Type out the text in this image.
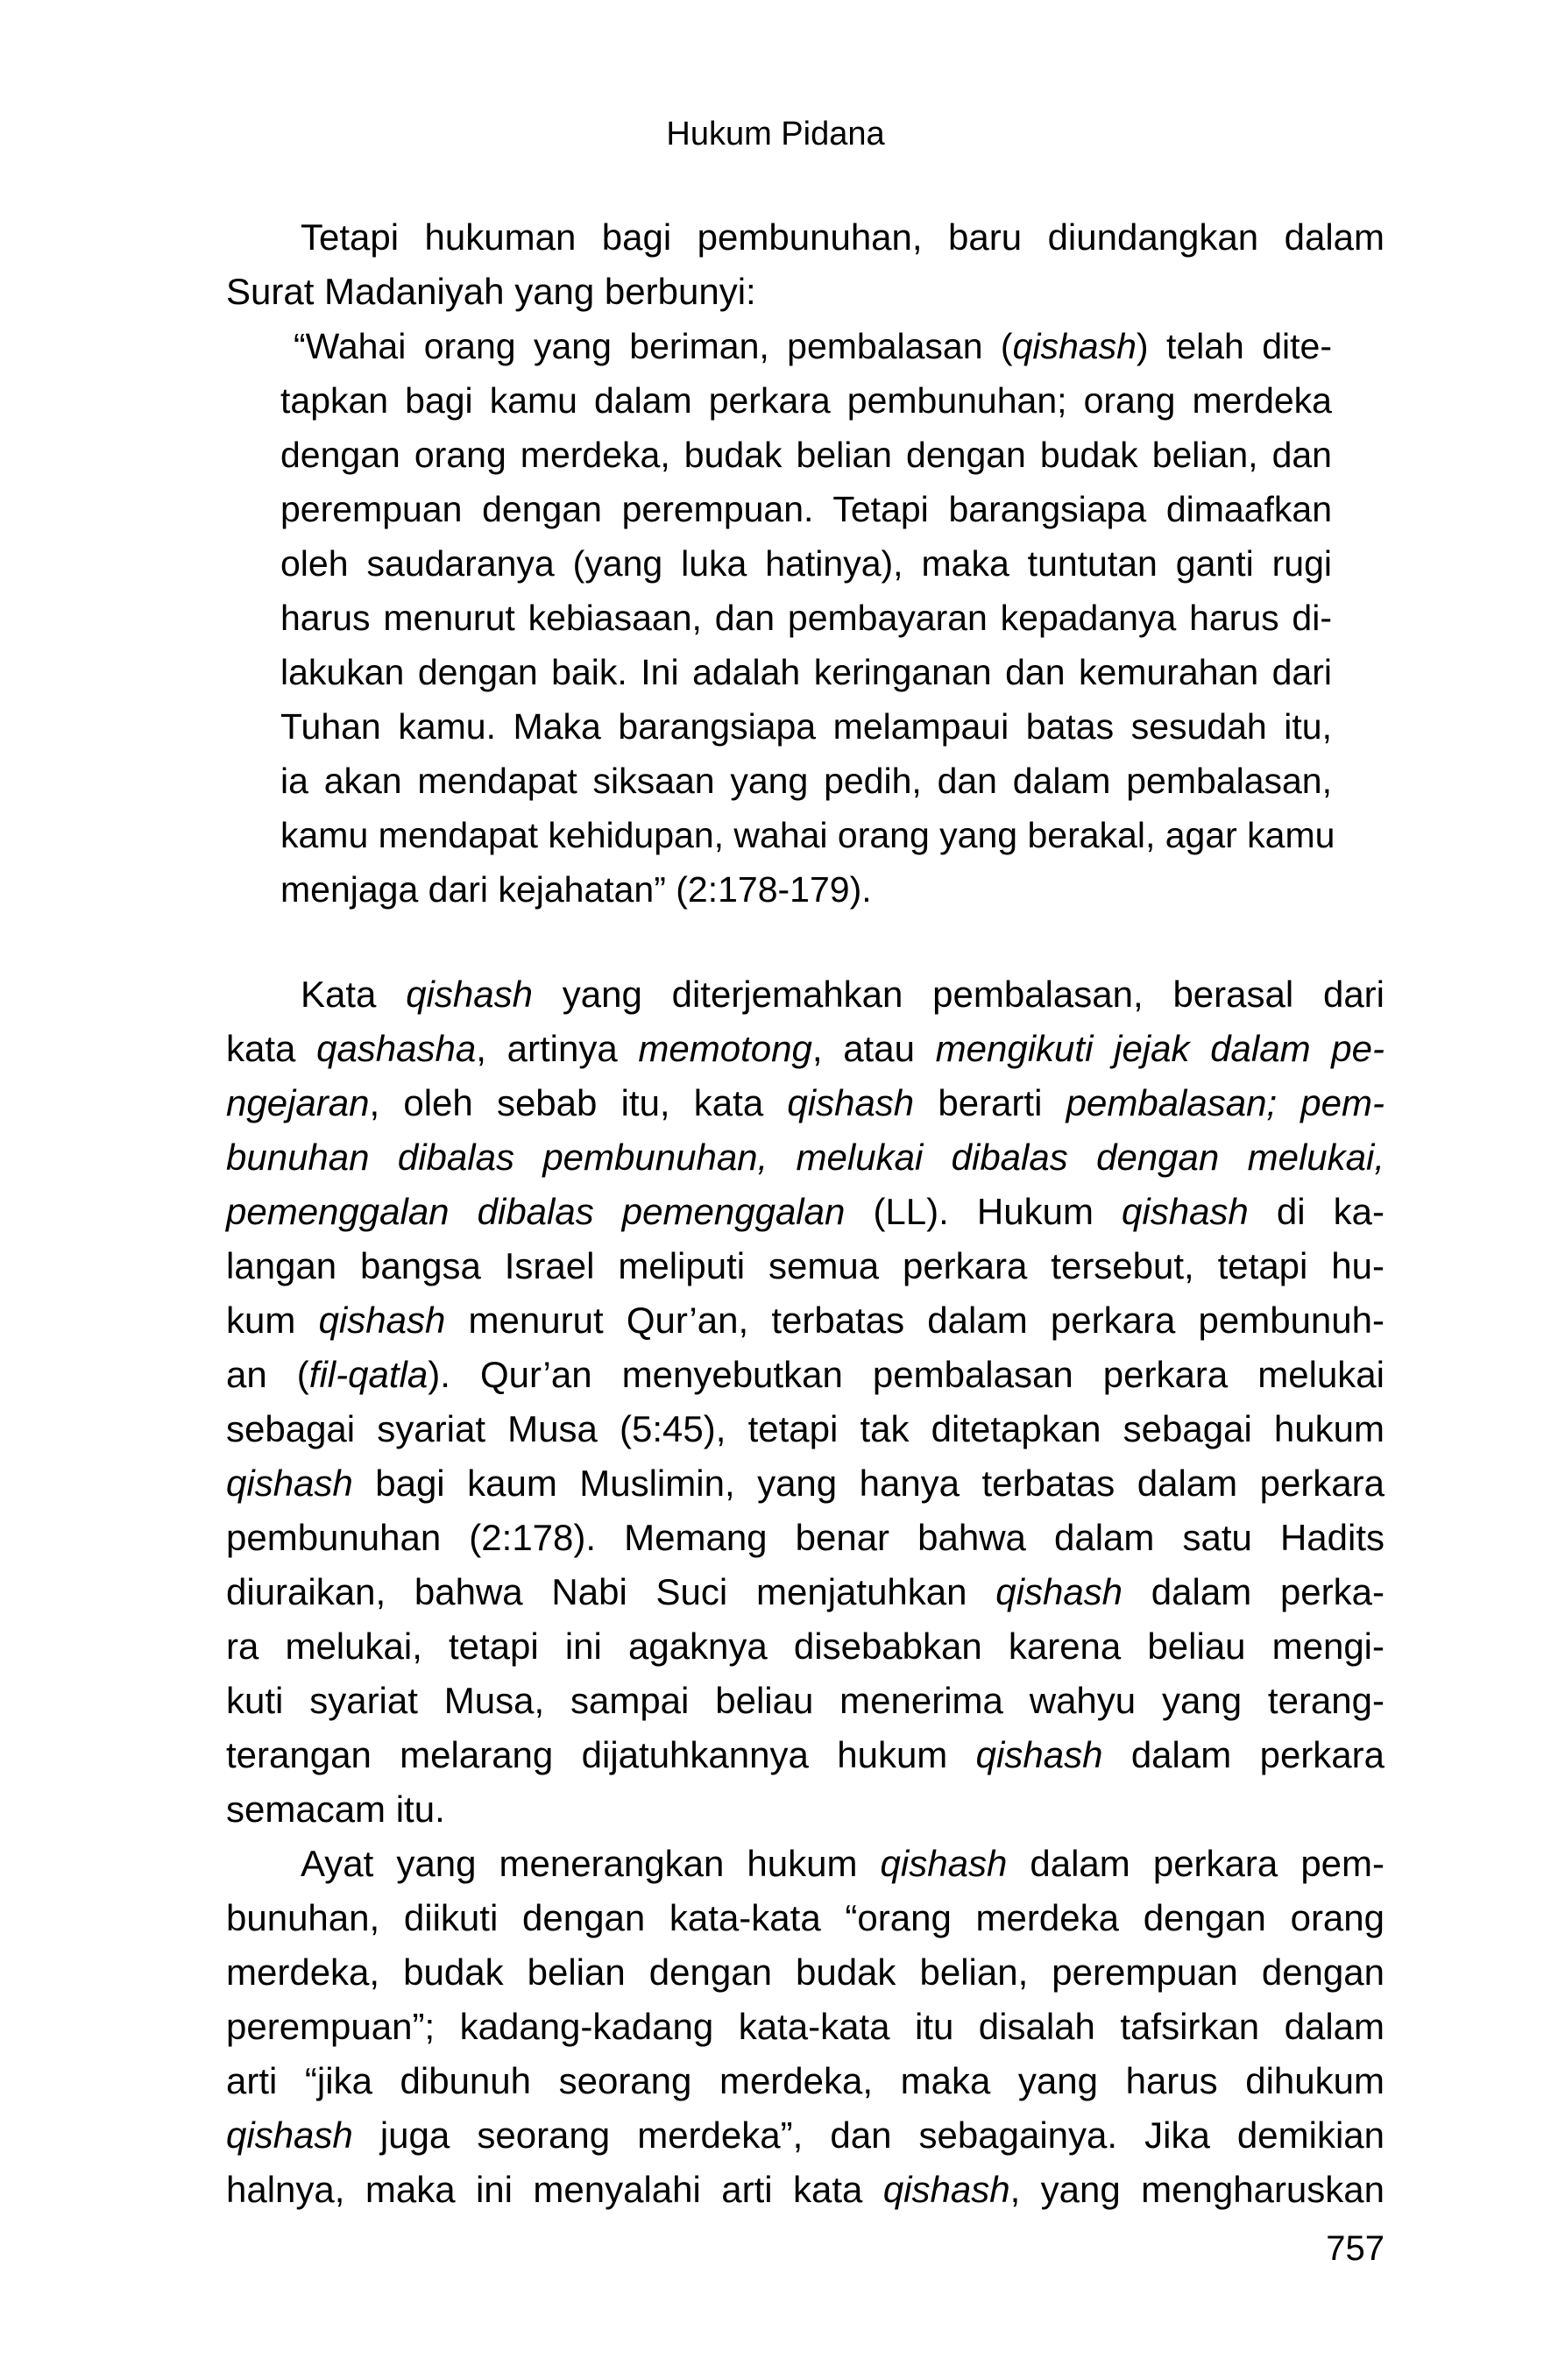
Hukum Pidana
Tetapi hukuman bagi pembunuhan, baru diundangkan dalam
Surat Madaniyah yang berbunyi:
“Wahai orang yang beriman, pembalasan (qishash) telah dite-
tapkan bagi kamu dalam perkara pembunuhan; orang merdeka
dengan orang merdeka, budak belian dengan budak belian, dan
perempuan dengan perempuan. Tetapi barangsiapa dimaafkan
oleh saudaranya (yang luka hatinya), maka tuntutan ganti rugi
harus menurut kebiasaan, dan pembayaran kepadanya harus di-
lakukan dengan baik. Ini adalah keringanan dan kemurahan dari
Tuhan kamu. Maka barangsiapa melampaui batas sesudah itu,
ia akan mendapat siksaan yang pedih, dan dalam pembalasan,
kamu mendapat kehidupan, wahai orang yang berakal, agar kamu
menjaga dari kejahatan” (2:178-179).
Kata qishash yang diterjemahkan pembalasan, berasal dari
kata qashasha, artinya memotong, atau mengikuti jejak dalam pe-
ngejaran, oleh sebab itu, kata qishash berarti pembalasan; pem-
bunuhan dibalas pembunuhan, melukai dibalas dengan melukai,
pemenggalan dibalas pemenggalan (LL). Hukum qishash di ka-
langan bangsa Israel meliputi semua perkara tersebut, tetapi hu-
kum qishash menurut Qur’an, terbatas dalam perkara pembunuh-
an (fil-qatla). Qur’an menyebutkan pembalasan perkara melukai
sebagai syariat Musa (5:45), tetapi tak ditetapkan sebagai hukum
qishash bagi kaum Muslimin, yang hanya terbatas dalam perkara
pembunuhan (2:178). Memang benar bahwa dalam satu Hadits
diuraikan, bahwa Nabi Suci menjatuhkan qishash dalam perka-
ra melukai, tetapi ini agaknya disebabkan karena beliau mengi-
kuti syariat Musa, sampai beliau menerima wahyu yang terang-
terangan melarang dijatuhkannya hukum qishash dalam perkara
semacam itu.
Ayat yang menerangkan hukum qishash dalam perkara pem-
bunuhan, diikuti dengan kata-kata “orang merdeka dengan orang
merdeka, budak belian dengan budak belian, perempuan dengan
perempuan”; kadang-kadang kata-kata itu disalah tafsirkan dalam
arti “jika dibunuh seorang merdeka, maka yang harus dihukum
qishash juga seorang merdeka”, dan sebagainya. Jika demikian
halnya, maka ini menyalahi arti kata qishash, yang mengharuskan
757
